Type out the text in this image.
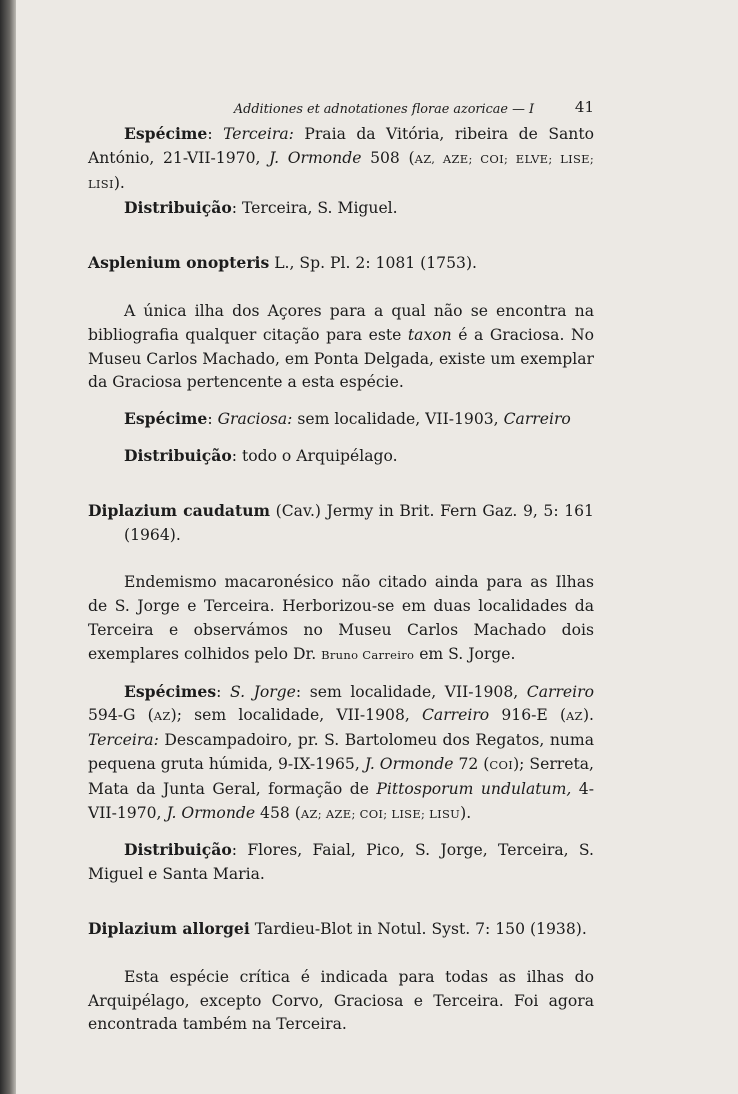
Additiones et adnotationes florae azoricae — I	41

Espécime: Terceira: Praia da Vitória, ribeira de Santo António, 21-VII-1970, J. Ormonde 508 (AZ, AZE; COI; ELVE; LISE; LISI).

Distribuição: Terceira, S. Miguel.

Asplenium onopteris L., Sp. Pl. 2: 1081 (1753).

A única ilha dos Açores para a qual não se encontra na bibliografia qualquer citação para este taxon é a Graciosa. No Museu Carlos Machado, em Ponta Delgada, existe um exemplar da Graciosa pertencente a esta espécie.

Espécime: Graciosa: sem localidade, VII-1903, Carreiro

Distribuição: todo o Arquipélago.

Diplazium caudatum (Cav.) Jermy in Brit. Fern Gaz. 9, 5: 161 (1964).

Endemismo macaronésico não citado ainda para as Ilhas de S. Jorge e Terceira. Herborizou-se em duas localidades da Terceira e observámos no Museu Carlos Machado dois exemplares colhidos pelo Dr. Bruno Carreiro em S. Jorge.

Espécimes: S. Jorge: sem localidade, VII-1908, Carreiro 594-G (AZ); sem localidade, VII-1908, Carreiro 916-E (AZ). Terceira: Descampadoiro, pr. S. Bartolomeu dos Regatos, numa pequena gruta húmida, 9-IX-1965, J. Ormonde 72 (COI); Serreta, Mata da Junta Geral, formação de Pittosporum undulatum, 4-VII-1970, J. Ormonde 458 (AZ; AZE; COI; LISE; LISU).

Distribuição: Flores, Faial, Pico, S. Jorge, Terceira, S. Miguel e Santa Maria.

Diplazium allorgei Tardieu-Blot in Notul. Syst. 7: 150 (1938).

Esta espécie crítica é indicada para todas as ilhas do Arquipélago, excepto Corvo, Graciosa e Terceira. Foi agora encontrada também na Terceira.
